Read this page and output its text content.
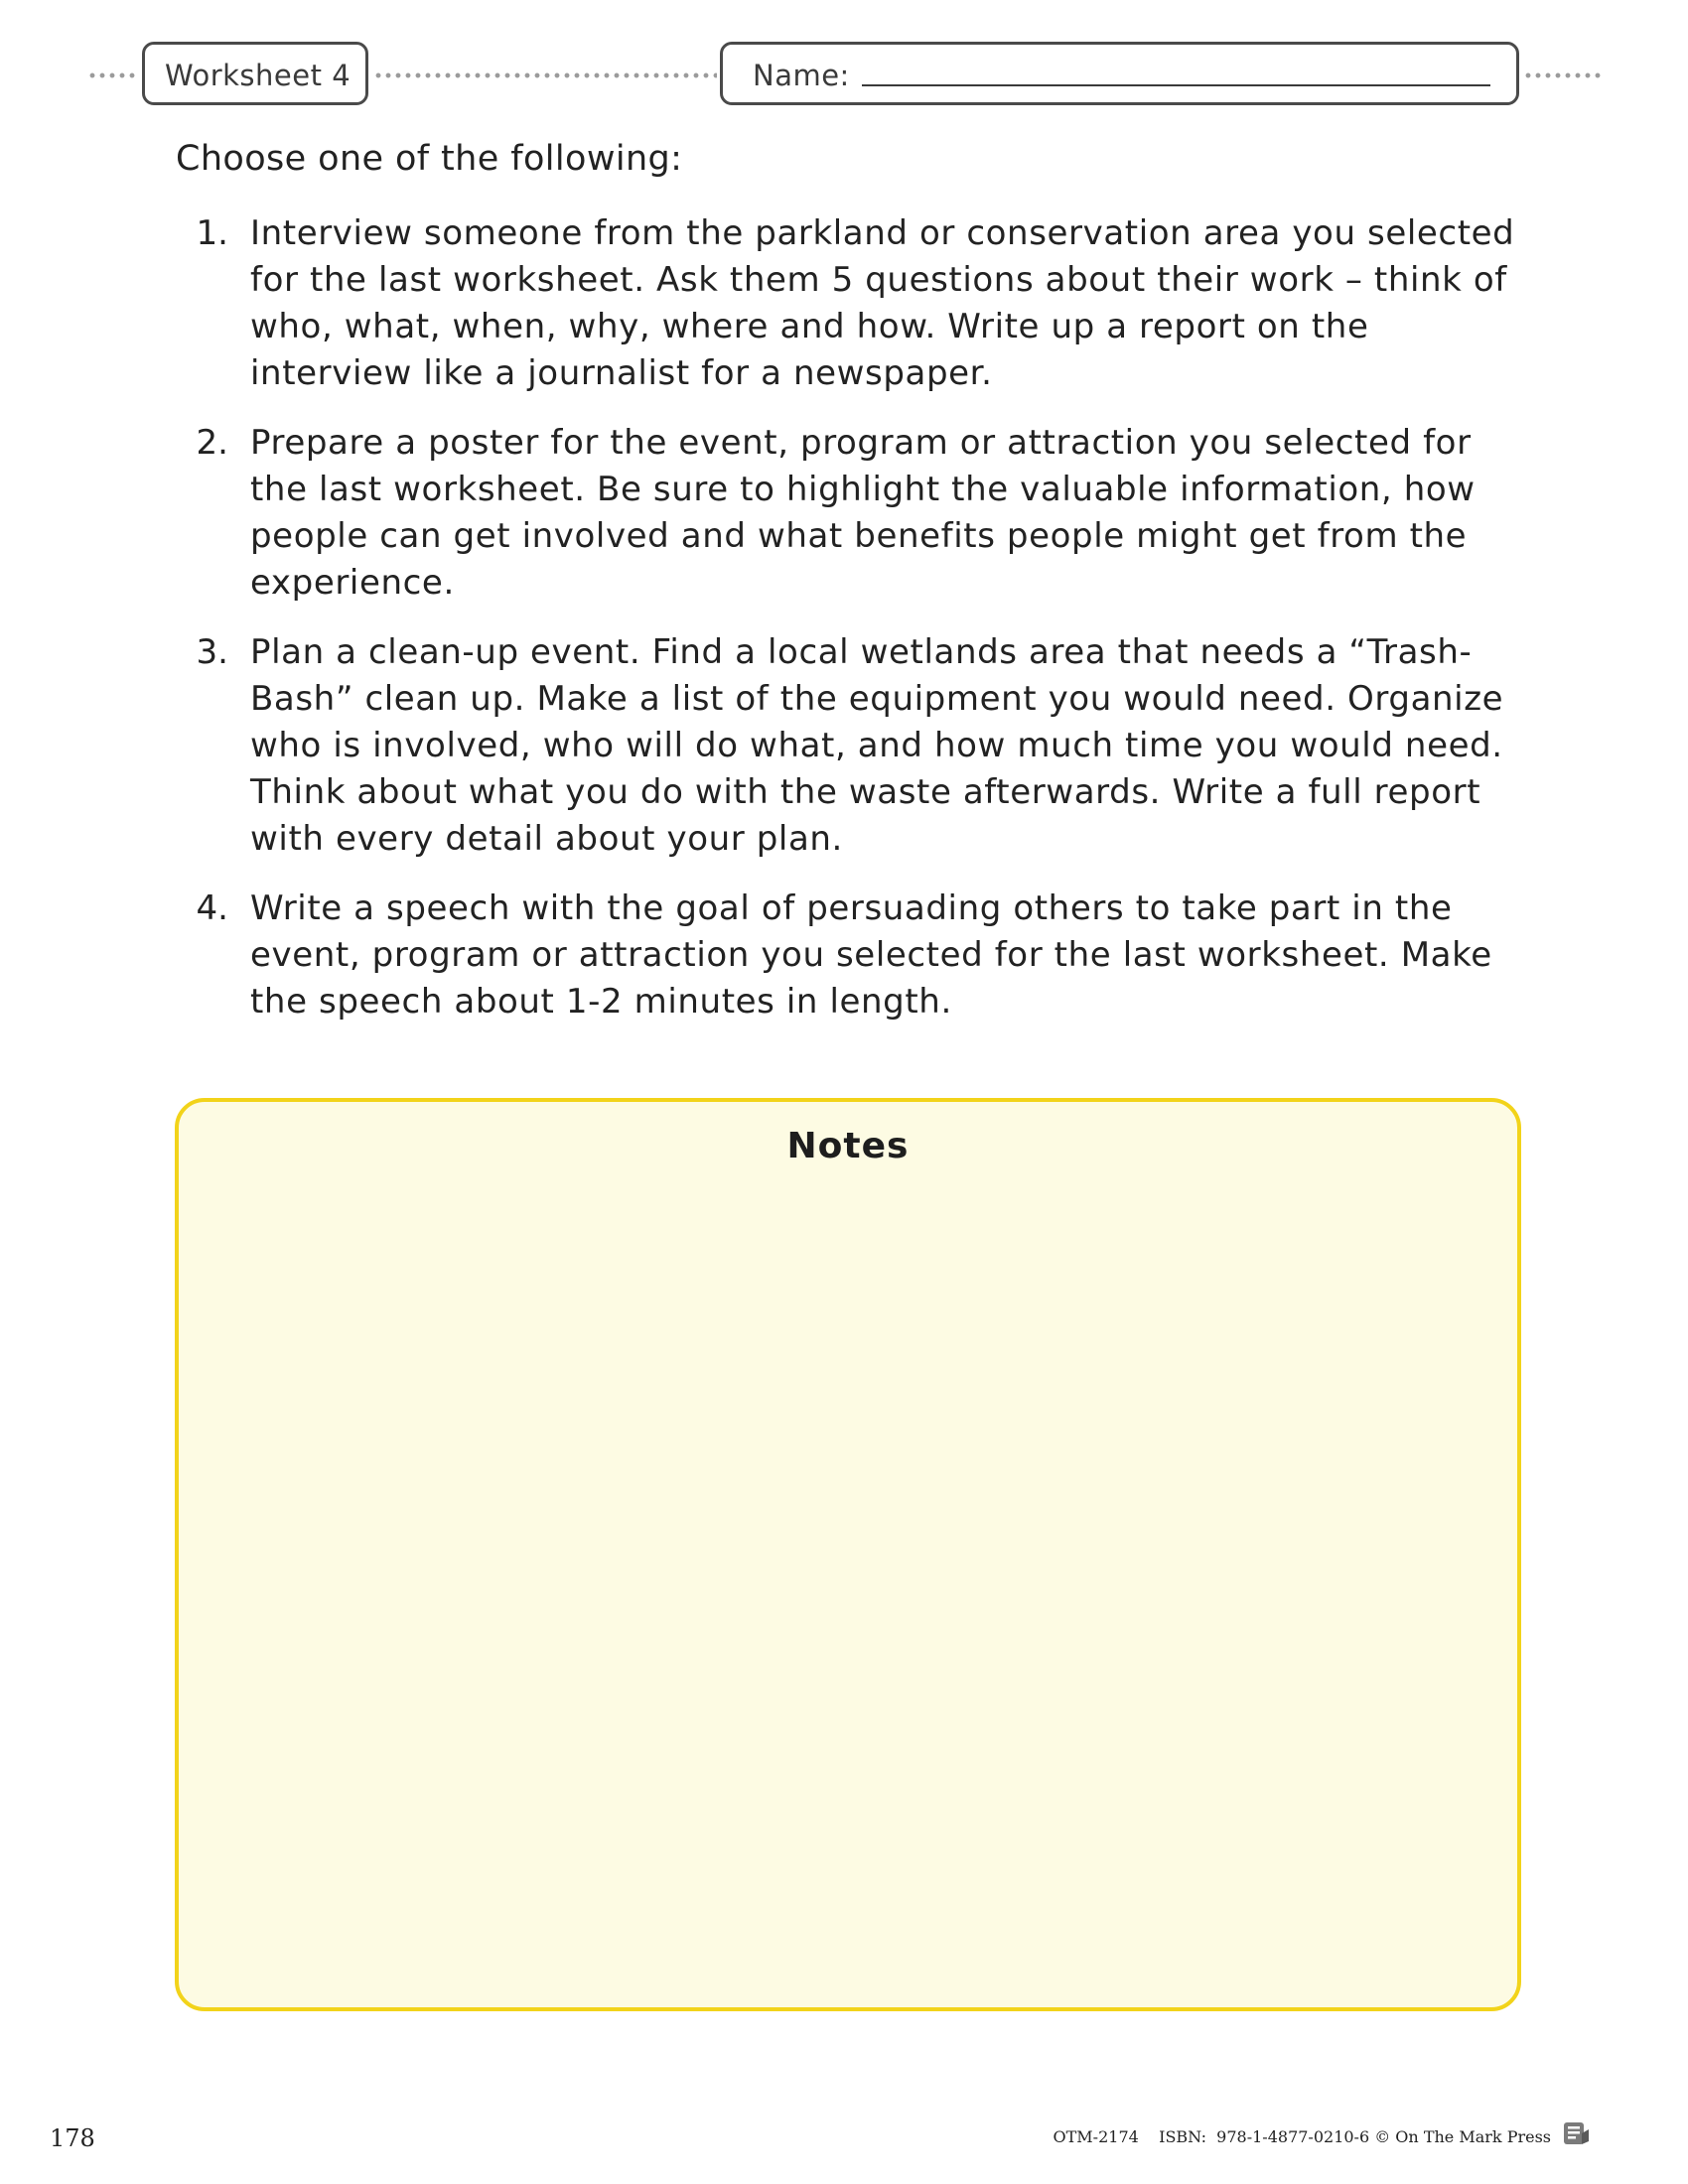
Worksheet 4	Name:
Choose one of the following:
1. Interview someone from the parkland or conservation area you selected for the last worksheet. Ask them 5 questions about their work – think of who, what, when, why, where and how. Write up a report on the interview like a journalist for a newspaper.
2. Prepare a poster for the event, program or attraction you selected for the last worksheet. Be sure to highlight the valuable information, how people can get involved and what benefits people might get from the experience.
3. Plan a clean-up event. Find a local wetlands area that needs a “Trash-Bash” clean up. Make a list of the equipment you would need. Organize who is involved, who will do what, and how much time you would need. Think about what you do with the waste afterwards. Write a full report with every detail about your plan.
4. Write a speech with the goal of persuading others to take part in the event, program or attraction you selected for the last worksheet. Make the speech about 1-2 minutes in length.
Notes
178	OTM-2174    ISBN:  978-1-4877-0210-6 © On The Mark Press
